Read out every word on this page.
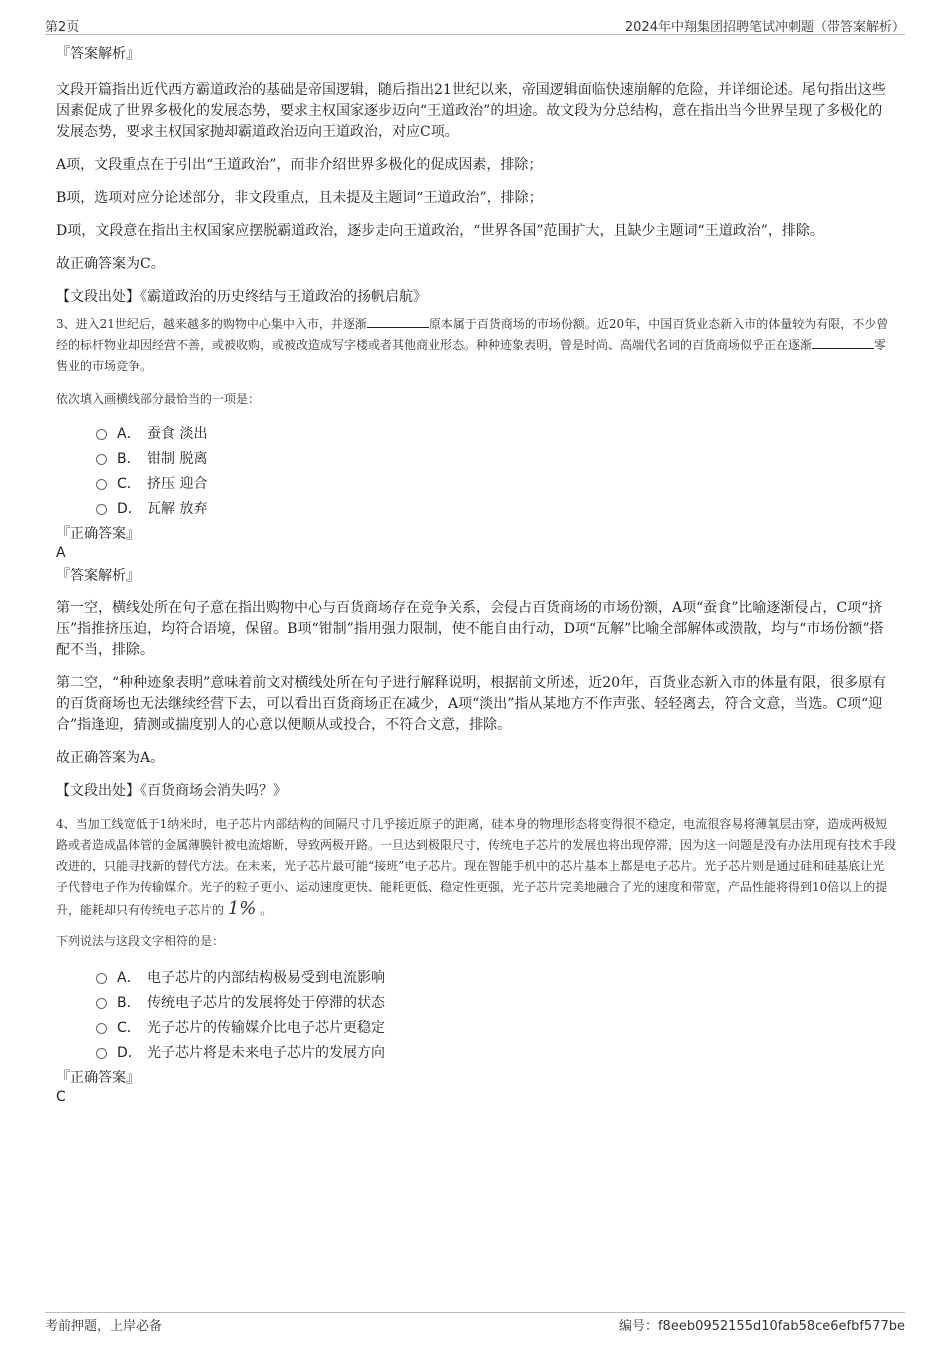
第2页	2024年中翔集团招聘笔试冲刺题（带答案解析）

『答案解析』

文段开篇指出近代西方霸道政治的基础是帝国逻辑，随后指出21世纪以来，帝国逻辑面临快速崩解的危险，并详细论述。尾句指出这些因素促成了世界多极化的发展态势，要求主权国家逐步迈向“王道政治”的坦途。故文段为分总结构，意在指出当今世界呈现了多极化的发展态势，要求主权国家抛却霸道政治迈向王道政治，对应C项。

A项，文段重点在于引出“王道政治”，而非介绍世界多极化的促成因素，排除；

B项，选项对应分论述部分，非文段重点，且未提及主题词“王道政治”，排除；

D项，文段意在指出主权国家应摆脱霸道政治，逐步走向王道政治，“世界各国”范围扩大，且缺少主题词“王道政治”，排除。

故正确答案为C。

【文段出处】《霸道政治的历史终结与王道政治的扬帆启航》

3、进入21世纪后，越来越多的购物中心集中入市，并逐渐	原本属于百货商场的市场份额。近20年，中国百货业态新入市的体量较为有限，不少曾经的标杆物业却因经营不善，或被收购，或被改造成写字楼或者其他商业形态。种种迹象表明，曾是时尚、高端代名词的百货商场似乎正在逐渐	零售业的市场竞争。

依次填入画横线部分最恰当的一项是：

A． 蚕食 淡出
B． 钳制 脱离
C． 挤压 迎合
D． 瓦解 放弃

『正确答案』

A

『答案解析』

第一空，横线处所在句子意在指出购物中心与百货商场存在竞争关系，会侵占百货商场的市场份额，A项“蚕食”比喻逐渐侵占，C项“挤压”指推挤压迫，均符合语境，保留。B项“钳制”指用强力限制，使不能自由行动，D项“瓦解”比喻全部解体或溃散，均与“市场份额”搭配不当，排除。

第二空，“种种迹象表明”意味着前文对横线处所在句子进行解释说明，根据前文所述，近20年，百货业态新入市的体量有限，很多原有的百货商场也无法继续经营下去，可以看出百货商场正在减少，A项“淡出”指从某地方不作声张、轻轻离去，符合文意，当选。C项“迎合”指逢迎，猜测或揣度别人的心意以便顺从或投合，不符合文意，排除。

故正确答案为A。

【文段出处】《百货商场会消失吗？》

4、当加工线宽低于1纳米时，电子芯片内部结构的间隔尺寸几乎接近原子的距离，硅本身的物理形态将变得很不稳定，电流很容易将薄氧层击穿，造成两极短路或者造成晶体管的金属薄膜针被电流熔断，导致两极开路。一旦达到极限尺寸，传统电子芯片的发展也将出现停滞，因为这一问题是没有办法用现有技术手段改进的，只能寻找新的替代方法。在未来，光子芯片最可能“接班”电子芯片。现在智能手机中的芯片基本上都是电子芯片。光子芯片则是通过硅和硅基底让光子代替电子作为传输媒介。光子的粒子更小、运动速度更快、能耗更低、稳定性更强，光子芯片完美地融合了光的速度和带宽，产品性能将得到10倍以上的提升，能耗却只有传统电子芯片的 1% 。

下列说法与这段文字相符的是：

A． 电子芯片的内部结构极易受到电流影响
B． 传统电子芯片的发展将处于停滞的状态
C． 光子芯片的传输媒介比电子芯片更稳定
D． 光子芯片将是未来电子芯片的发展方向

『正确答案』

C

考前押题，上岸必备	编号：f8eeb0952155d10fab58ce6efbf577be
